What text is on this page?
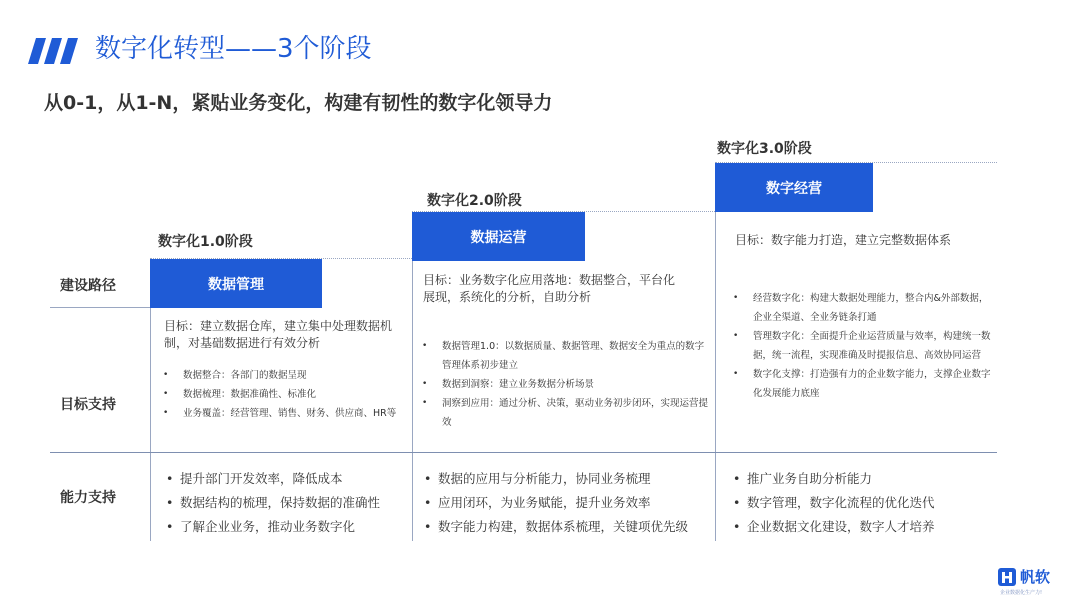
数字化转型——3个阶段
从0-1，从1-N，紧贴业务变化，构建有韧性的数字化领导力
数字化1.0阶段
数字化2.0阶段
数字化3.0阶段
数据管理
数据运营
数字经营
建设路径
目标支持
能力支持
目标：建立数据仓库，建立集中处理数据机制，对基础数据进行有效分析
• 数据整合：各部门的数据呈现
• 数据梳理：数据准确性、标准化
• 业务覆盖：经营管理、销售、财务、供应商、HR等
目标：业务数字化应用落地：数据整合，平台化展现，系统化的分析，自助分析
• 数据管理1.0：以数据质量、数据管理、数据安全为重点的数字管理体系初步建立
• 数据到洞察：建立业务数据分析场景
• 洞察到应用：通过分析、决策，驱动业务初步闭环，实现运营提效
目标：数字能力打造，建立完整数据体系
• 经营数字化：构建大数据处理能力，整合内&外部数据，企业全渠道、全业务链条打通
• 管理数字化：全面提升企业运营质量与效率，构建统一数据，统一流程，实现准确及时提报信息、高效协同运营
• 数字化支撑：打造强有力的企业数字能力，支撑企业数字化发展能力底座
• 提升部门开发效率，降低成本
• 数据结构的梳理，保持数据的准确性
• 了解企业业务，推动业务数字化
• 数据的应用与分析能力，协同业务梳理
• 应用闭环，为业务赋能，提升业务效率
• 数字能力构建，数据体系梳理，关键项优先级
• 推广业务自助分析能力
• 数字管理，数字化流程的优化迭代
• 企业数据文化建设，数字人才培养
帆软
企业数据化生产力!
